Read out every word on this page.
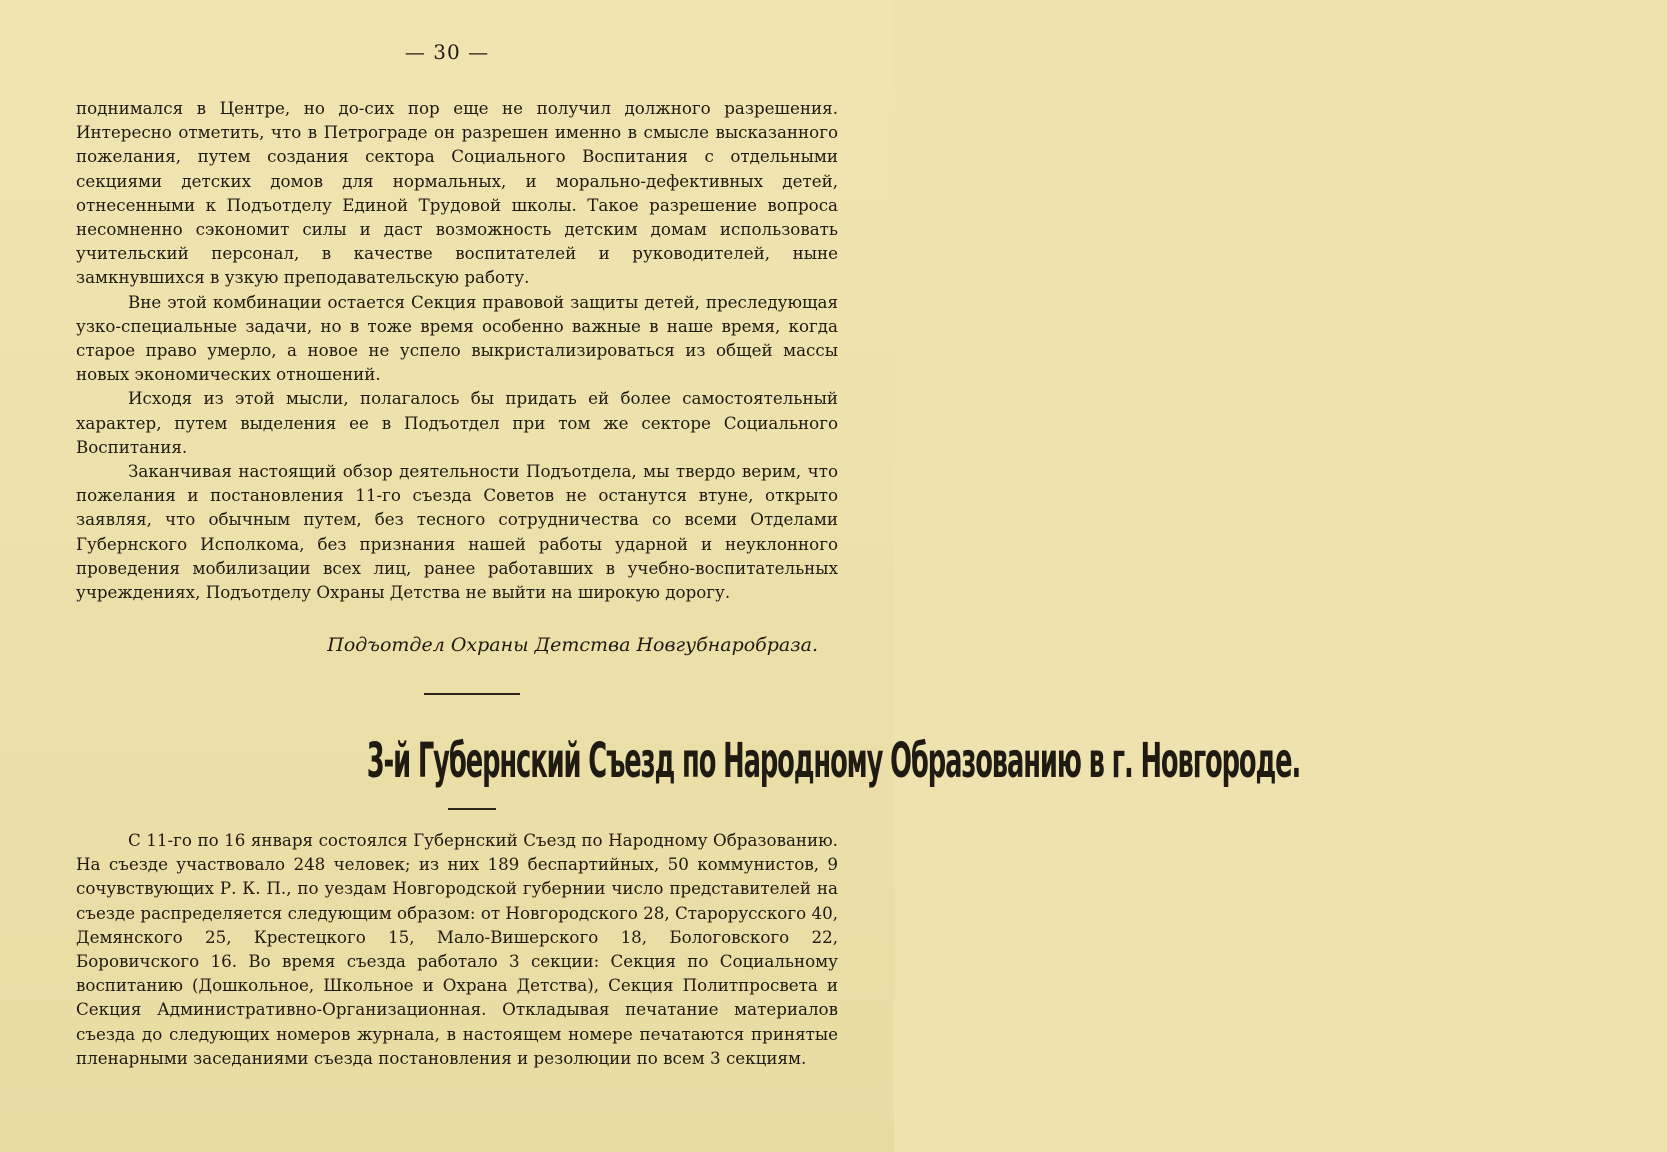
— 30 —

поднимался в Центре, но до-сих пор еще не получил должного разрешения. Интересно отметить, что в Петрограде он разрешен именно в смысле высказанного пожелания, путем создания сектора Социального Воспитания с отдельными секциями детских домов для нормальных, и морально-дефективных детей, отнесенными к Подъотделу Единой Трудовой школы. Такое разрешение вопроса несомненно сэкономит силы и даст возможность детским домам использовать учительский персонал, в качестве воспитателей и руководителей, ныне замкнувшихся в узкую преподавательскую работу.

Вне этой комбинации остается Секция правовой защиты детей, преследующая узко-специальные задачи, но в тоже время особенно важные в наше время, когда старое право умерло, а новое не успело выкристализироваться из общей массы новых экономических отношений.

Исходя из этой мысли, полагалось бы придать ей более самостоятельный характер, путем выделения ее в Подъотдел при том же секторе Социального Воспитания.

Заканчивая настоящий обзор деятельности Подъотдела, мы твердо верим, что пожелания и постановления 11-го съезда Советов не останутся втуне, открыто заявляя, что обычным путем, без тесного сотрудничества со всеми Отделами Губернского Исполкома, без признания нашей работы ударной и неуклонного проведения мобилизации всех лиц, ранее работавших в учебно-воспитательных учреждениях, Подъотделу Охраны Детства не выйти на широкую дорогу.

Подъотдел Охраны Детства Новгубнаробраза.
3-й Губернский Съезд по Народному Образованию в г. Новгороде.

С 11-го по 16 января состоялся Губернский Съезд по Народному Образованию. На съезде участвовало 248 человек; из них 189 беспартийных, 50 коммунистов, 9 сочувствующих Р. К. П., по уездам Новгородской губернии число представителей на съезде распределяется следующим образом: от Новгородского 28, Старорусского 40, Демянского 25, Крестецкого 15, Мало-Вишерского 18, Бологовского 22, Боровичского 16. Во время съезда работало 3 секции: Секция по Социальному воспитанию (Дошкольное, Школьное и Охрана Детства), Секция Политпросвета и Секция Административно-Организационная. Откладывая печатание материалов съезда до следующих номеров журнала, в настоящем номере печатаются принятые пленарными заседаниями съезда постановления и резолюции по всем 3 секциям.
